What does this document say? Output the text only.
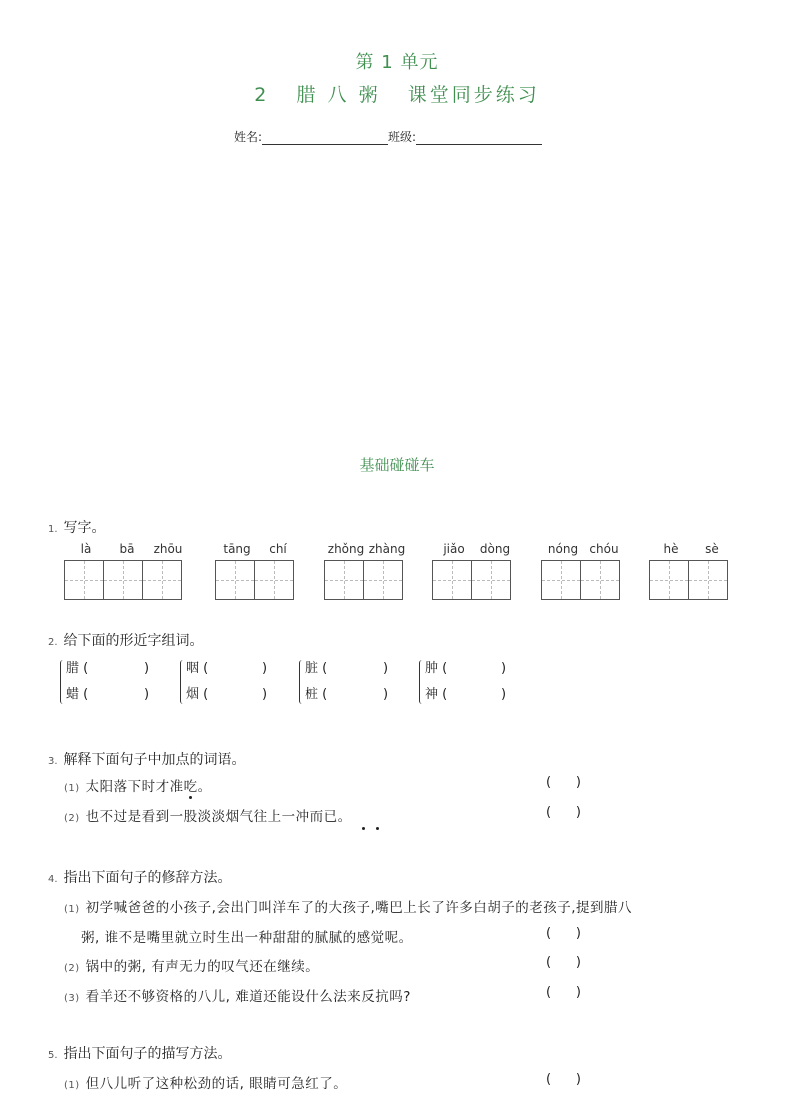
第 1 单元
2 腊 八 粥 课堂同步练习
姓名:	班级:
基础碰碰车
1. 写字。
là	bā	zhōu	tāng	chí	zhǒng zhàng	jiǎo	dòng	nóng chóu	hè	sè
2. 给下面的形近字组词。
腊 (	)
蜡 (	)
咽 (	)
烟 (	)
脏 (	)
桩 (	)
肿 (	)
神 (	)
3. 解释下面句子中加点的词语。
(1) 太阳落下时才准吃。	(      )
(2) 也不过是看到一股淡淡烟气往上一冲而已。	(      )
4. 指出下面句子的修辞方法。
(1) 初学喊爸爸的小孩子,会出门叫洋车了的大孩子,嘴巴上长了许多白胡子的老孩子,提到腊八
粥, 谁不是嘴里就立时生出一种甜甜的腻腻的感觉呢。	(      )
(2) 锅中的粥, 有声无力的叹气还在继续。	(      )
(3) 看羊还不够资格的八儿, 难道还能设什么法来反抗吗?	(      )
5. 指出下面句子的描写方法。
(1) 但八儿听了这种松劲的话, 眼睛可急红了。	(      )
